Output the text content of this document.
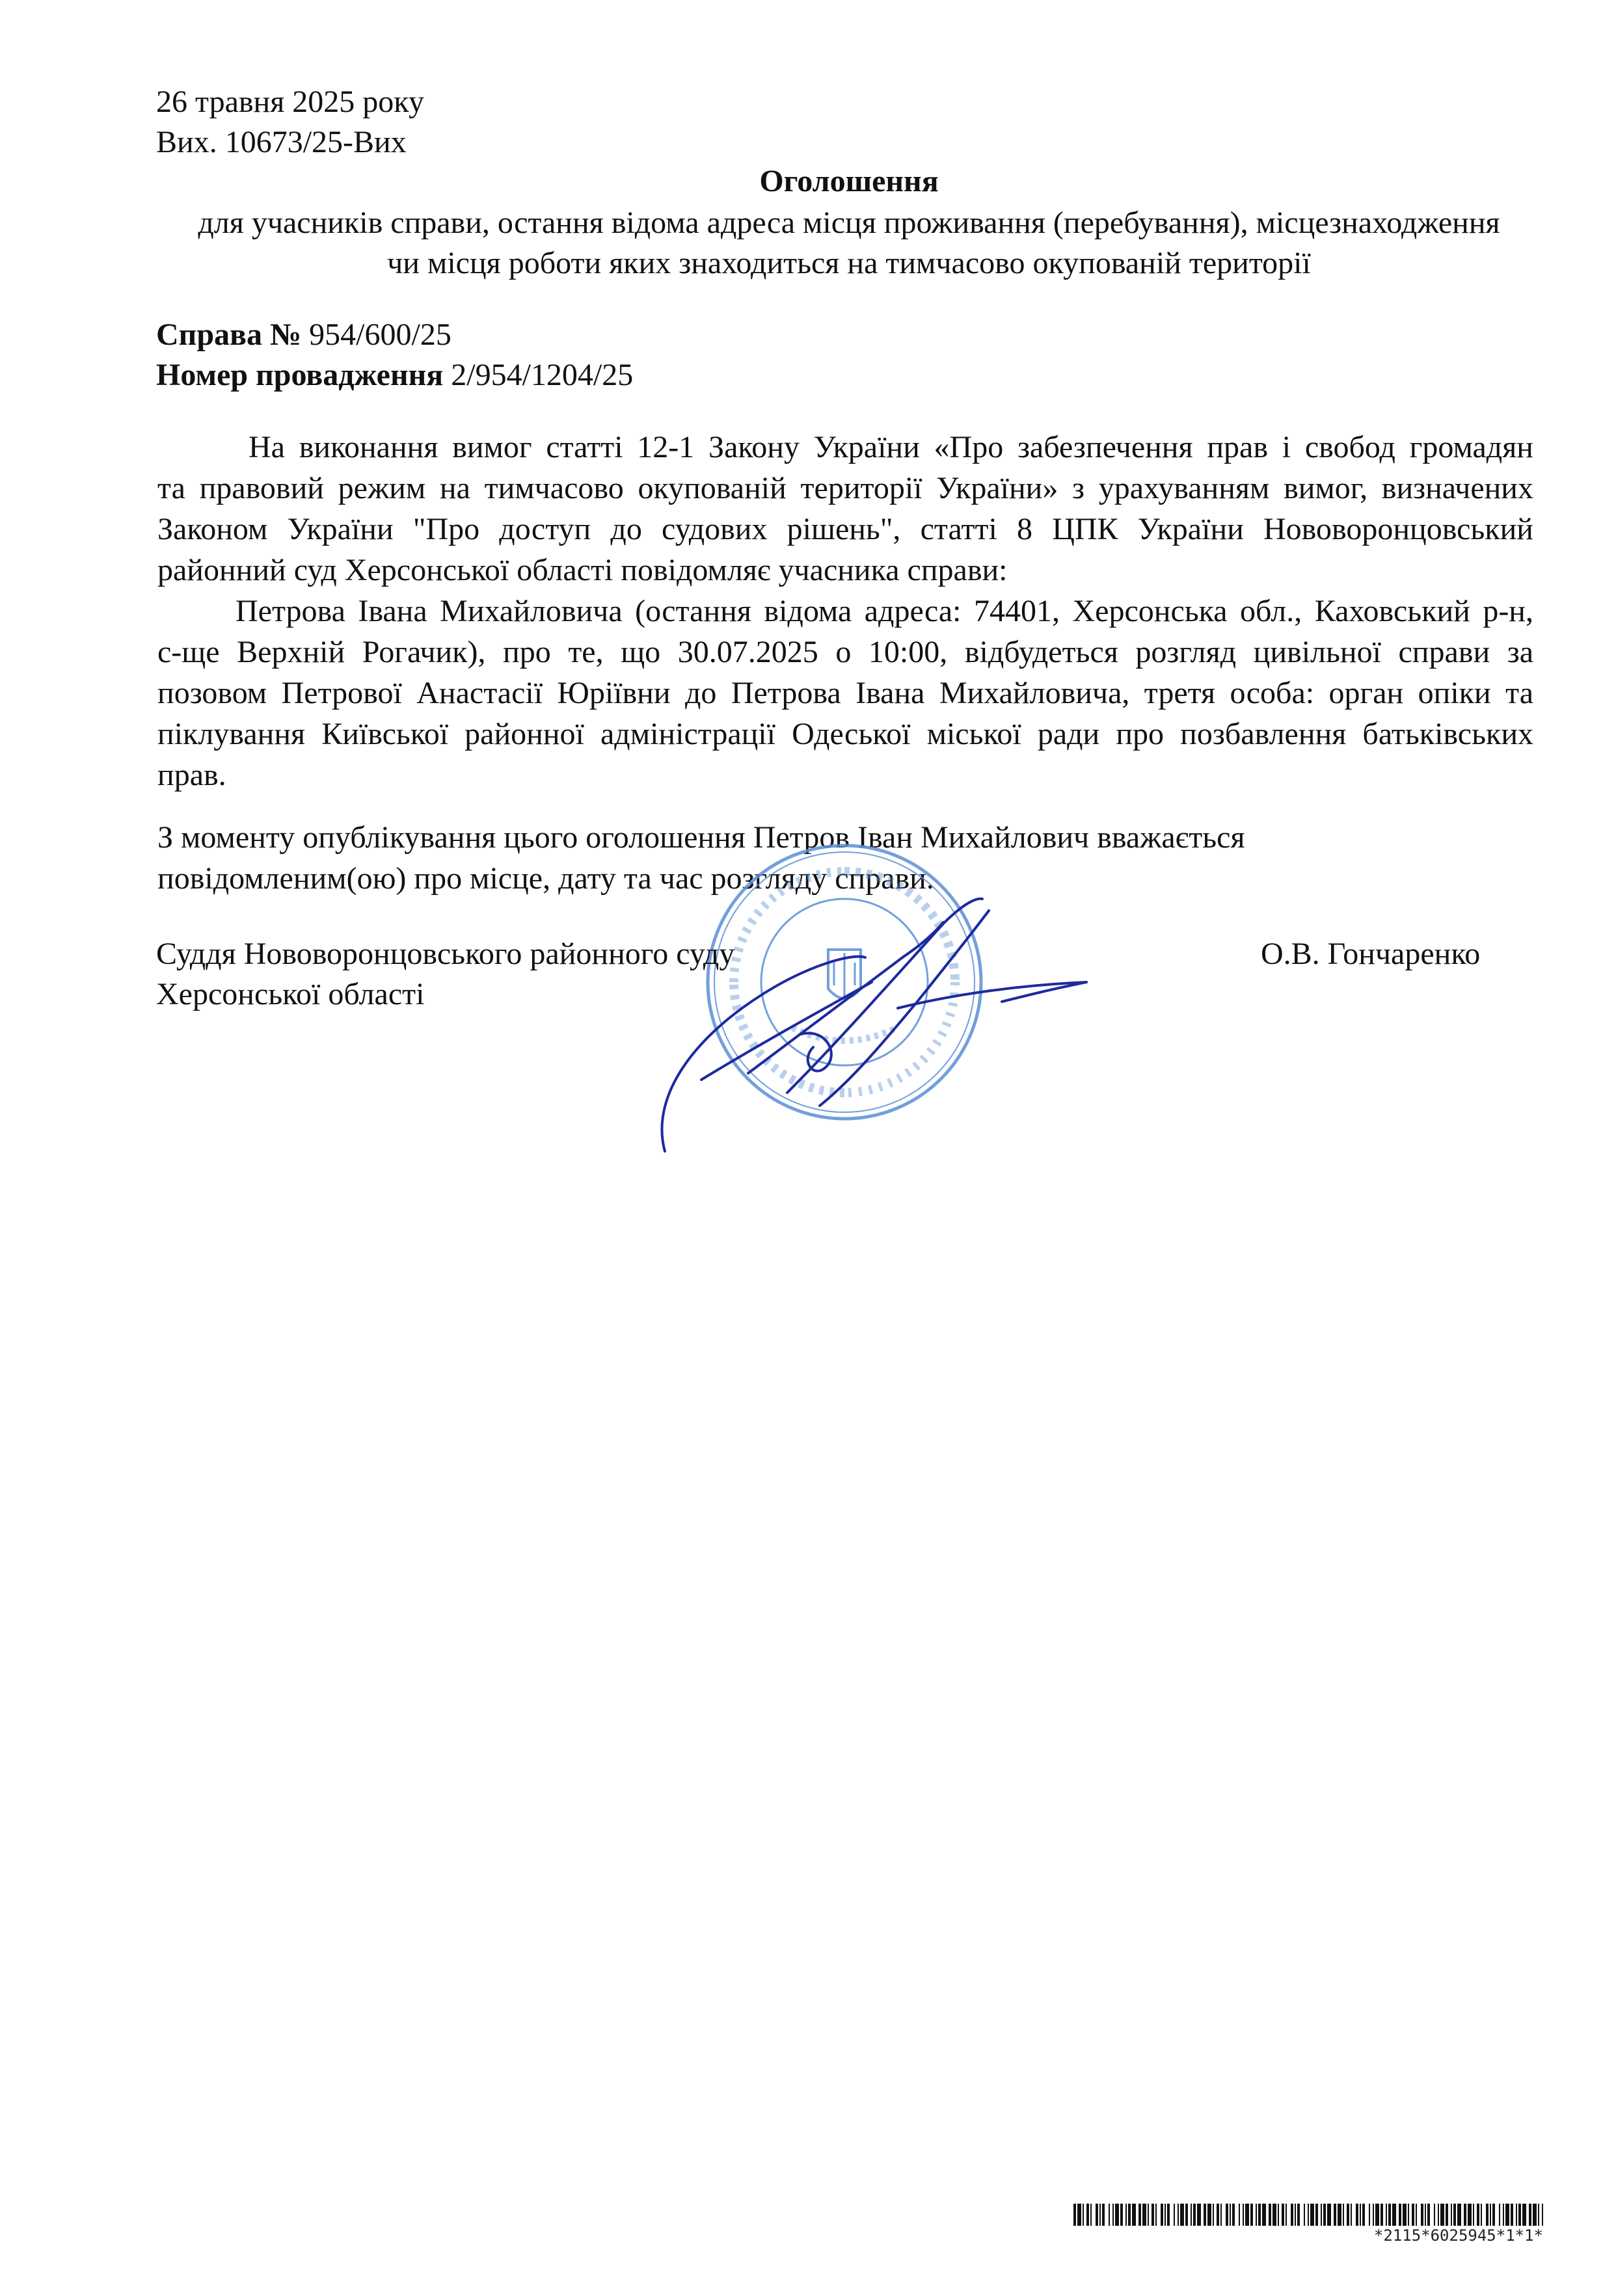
26 травня 2025 року
Вих. 10673/25-Вих
Оголошення
для учасників справи, остання відома адреса місця проживання (перебування), місцезнаходження
чи місця роботи яких знаходиться на тимчасово окупованій території
Справа № 954/600/25
Номер провадження 2/954/1204/25
На виконання вимог статті 12-1 Закону України «Про забезпечення прав і свобод громадян
та правовий режим на тимчасово окупованій території України» з урахуванням вимог, визначених
Законом України "Про доступ до судових рішень", статті 8 ЦПК України Нововоронцовський
районний суд Херсонської області повідомляє учасника справи:
Петрова Івана Михайловича (остання відома адреса: 74401, Херсонська обл., Каховський р-н,
с-ще Верхній Рогачик), про те, що 30.07.2025 о 10:00, відбудеться розгляд цивільної справи за
позовом Петрової Анастасії Юріївни до Петрова Івана Михайловича, третя особа: орган опіки та
піклування Київської районної адміністрації Одеської міської ради про позбавлення батьківських
прав.
З моменту опублікування цього оголошення Петров Іван Михайлович вважається
повідомленим(ою) про місце, дату та час розгляду справи.
Суддя Нововоронцовського районного суду
Херсонської області
О.В. Гончаренко
*2115*6025945*1*1*
